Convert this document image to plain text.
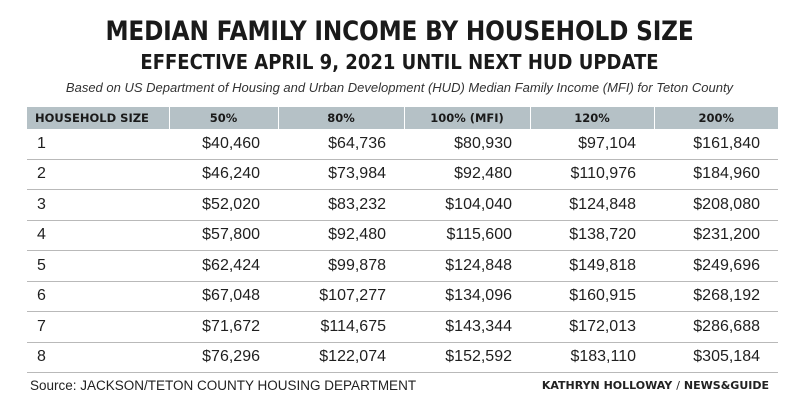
MEDIAN FAMILY INCOME BY HOUSEHOLD SIZE
EFFECTIVE APRIL 9, 2021 UNTIL NEXT HUD UPDATE
Based on US Department of Housing and Urban Development (HUD) Median Family Income (MFI) for Teton County
HOUSEHOLD SIZE	50%	80%	100% (MFI)	120%	200%
1	$40,460	$64,736	$80,930	$97,104	$161,840
2	$46,240	$73,984	$92,480	$110,976	$184,960
3	$52,020	$83,232	$104,040	$124,848	$208,080
4	$57,800	$92,480	$115,600	$138,720	$231,200
5	$62,424	$99,878	$124,848	$149,818	$249,696
6	$67,048	$107,277	$134,096	$160,915	$268,192
7	$71,672	$114,675	$143,344	$172,013	$286,688
8	$76,296	$122,074	$152,592	$183,110	$305,184
Source: JACKSON/TETON COUNTY HOUSING DEPARTMENT	KATHRYN HOLLOWAY / NEWS&GUIDE
